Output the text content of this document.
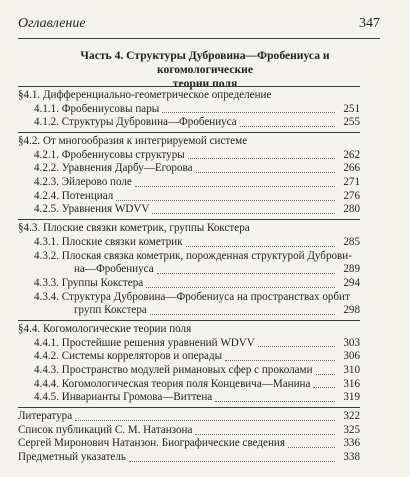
Оглавление	347
Часть 4. Структуры Дубровина—Фробениуса и когомологические
теории поля
§4.1. Дифференциально-геометрическое определение
4.1.1. Фробениусовы пары	251
4.1.2. Структуры Дубровина—Фробениуса	255
§4.2. От многообразия к интегрируемой системе
4.2.1. Фробениусовы структуры	262
4.2.2. Уравнения Дарбу—Егорова	266
4.2.3. Эйлерово поле	271
4.2.4. Потенциал	276
4.2.5. Уравнения WDVV	280
§4.3. Плоские связки кометрик, группы Кокстера
4.3.1. Плоские связки кометрик	285
4.3.2. Плоская связка кометрик, порожденная структурой Дуброви-
на—Фробениуса	289
4.3.3. Группы Кокстера	294
4.3.4. Структура Дубровина—Фробениуса на пространствах орбит
групп Кокстера	298
§4.4. Когомологические теории поля
4.4.1. Простейшие решения уравнений WDVV	303
4.4.2. Системы корреляторов и операды	306
4.4.3. Пространство модулей римановых сфер с проколами	310
4.4.4. Когомологическая теория поля Концевича—Манина	316
4.4.5. Инварианты Громова—Виттена	319
Литература	322
Список публикаций С. М. Натанзона	325
Сергей Миронович Натанзон. Биографические сведения	336
Предметный указатель	338
